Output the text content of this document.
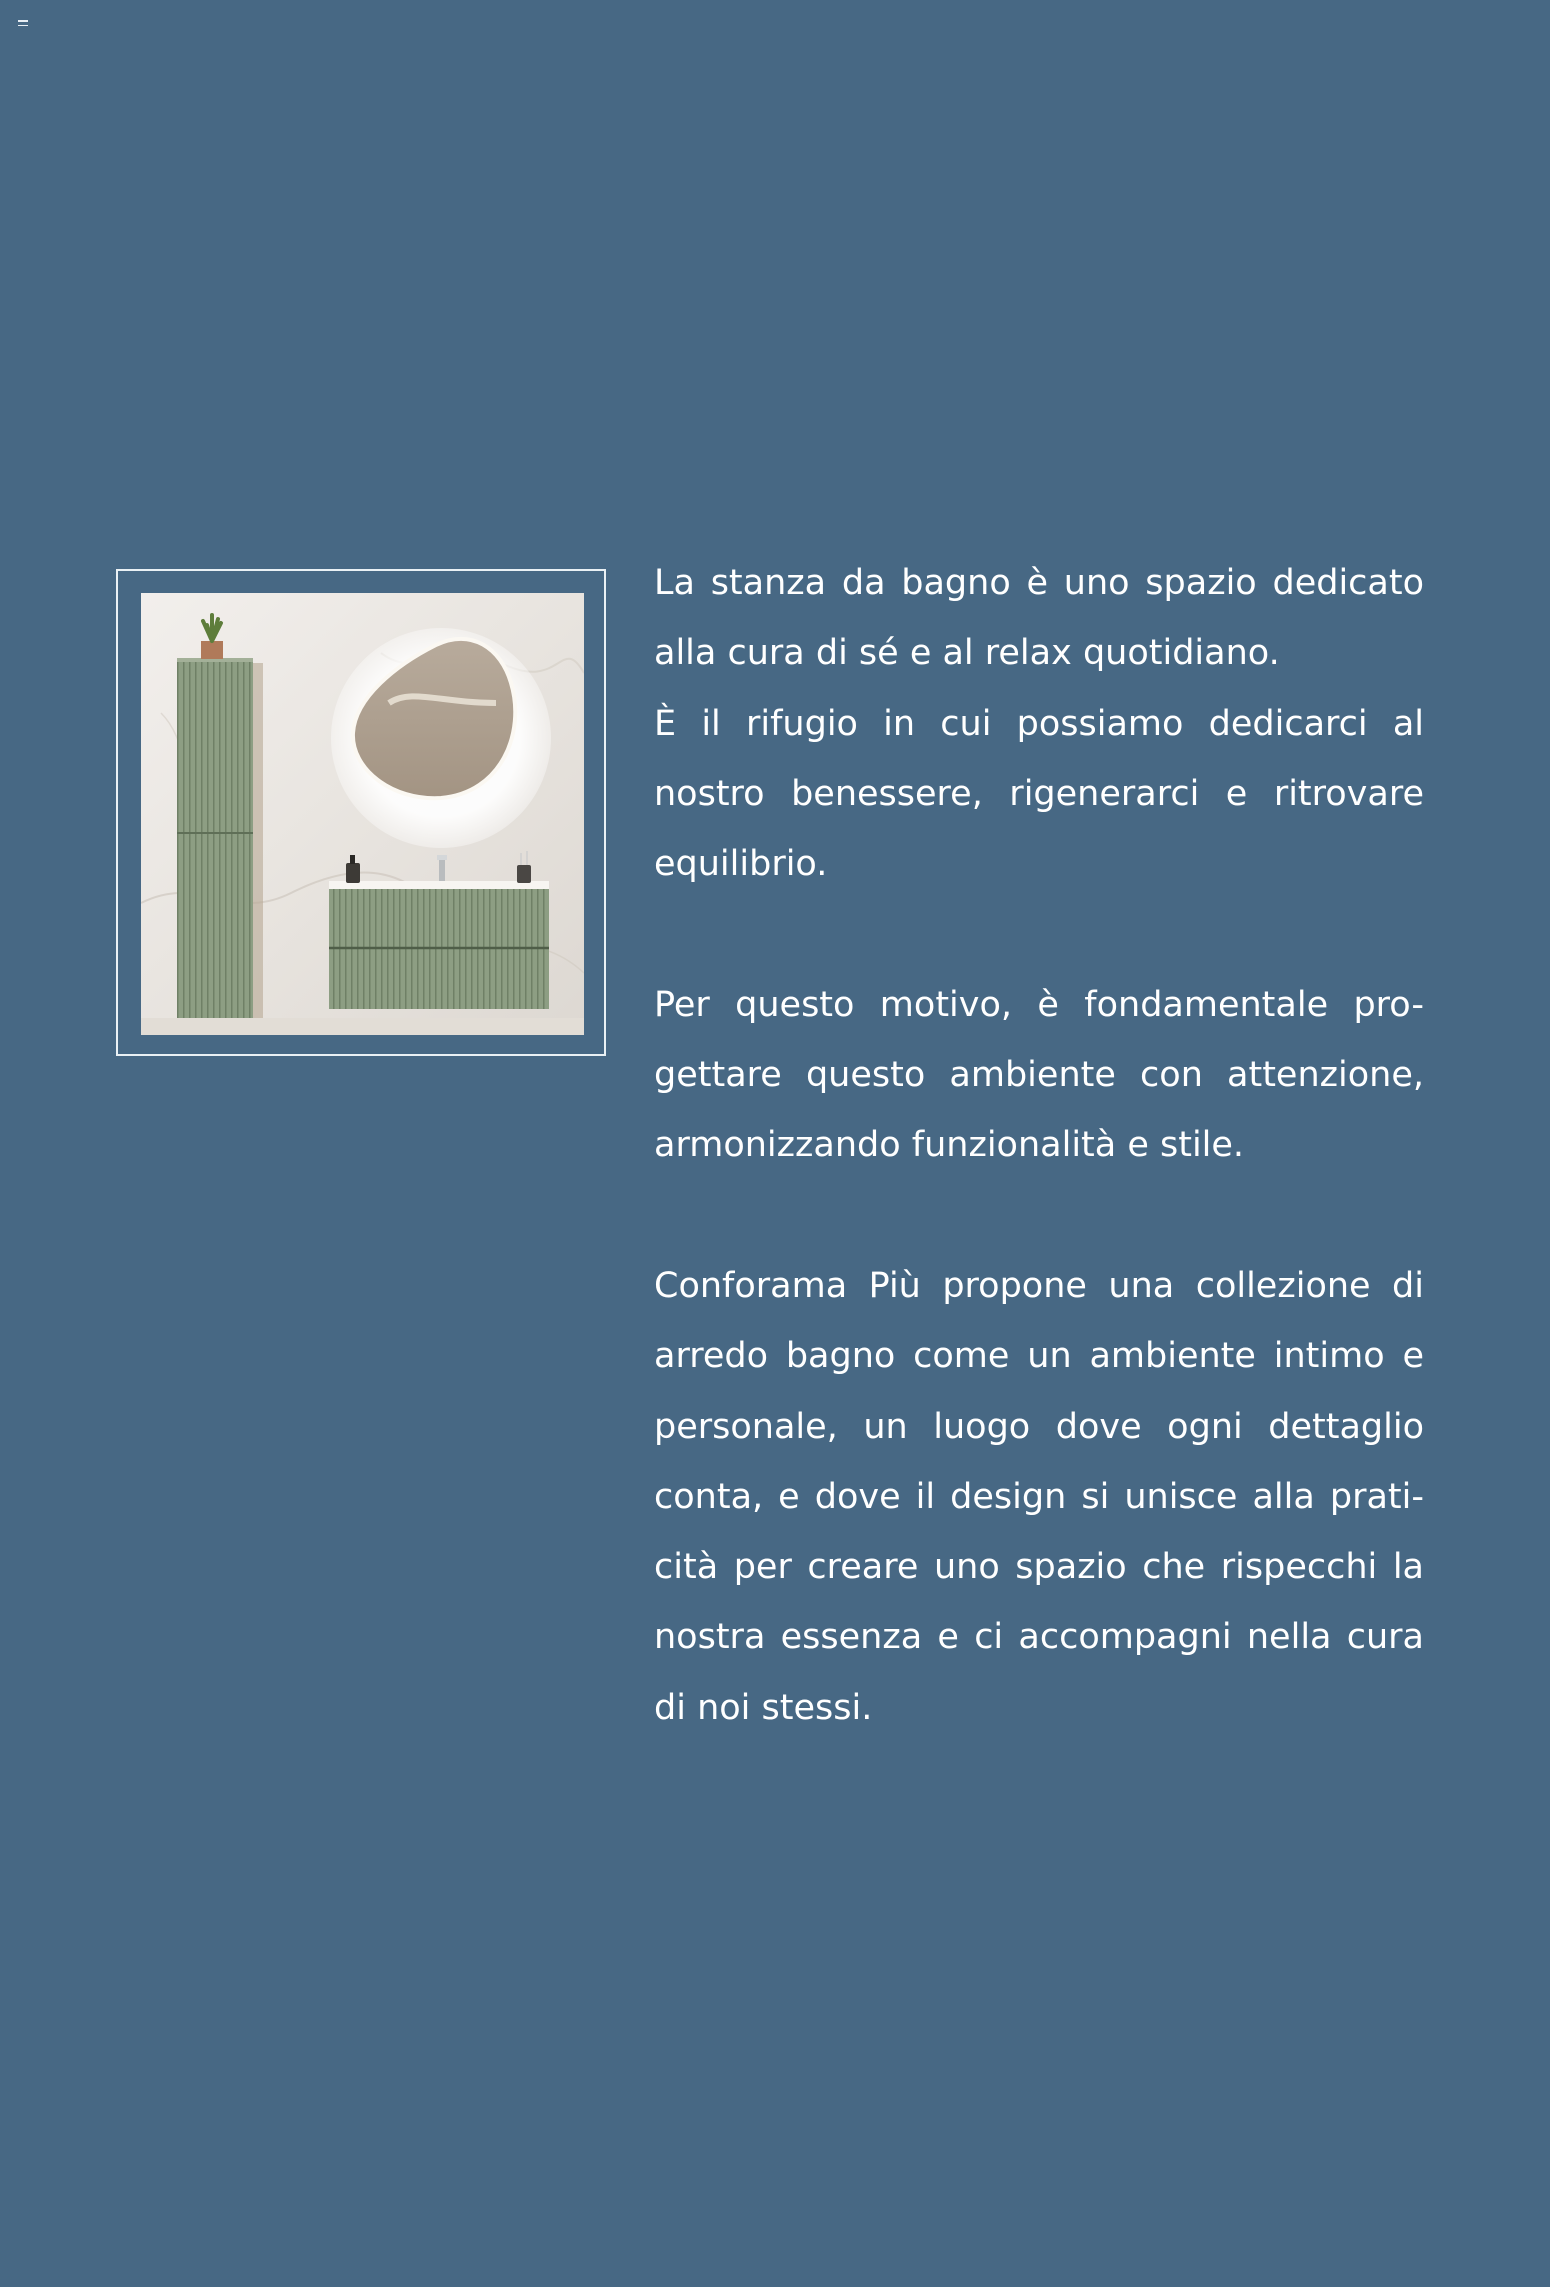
La stanza da bagno è uno spazio dedicato
alla cura di sé e al relax quotidiano.
È il rifugio in cui possiamo dedicarci al
nostro benessere, rigenerarci e ritrovare
equilibrio.

Per questo motivo, è fondamentale pro-
gettare questo ambiente con attenzione,
armonizzando funzionalità e stile.

Conforama Più propone una collezione di
arredo bagno come un ambiente intimo e
personale, un luogo dove ogni dettaglio
conta, e dove il design si unisce alla prati-
cità per creare uno spazio che rispecchi la
nostra essenza e ci accompagni nella cura
di noi stessi.
